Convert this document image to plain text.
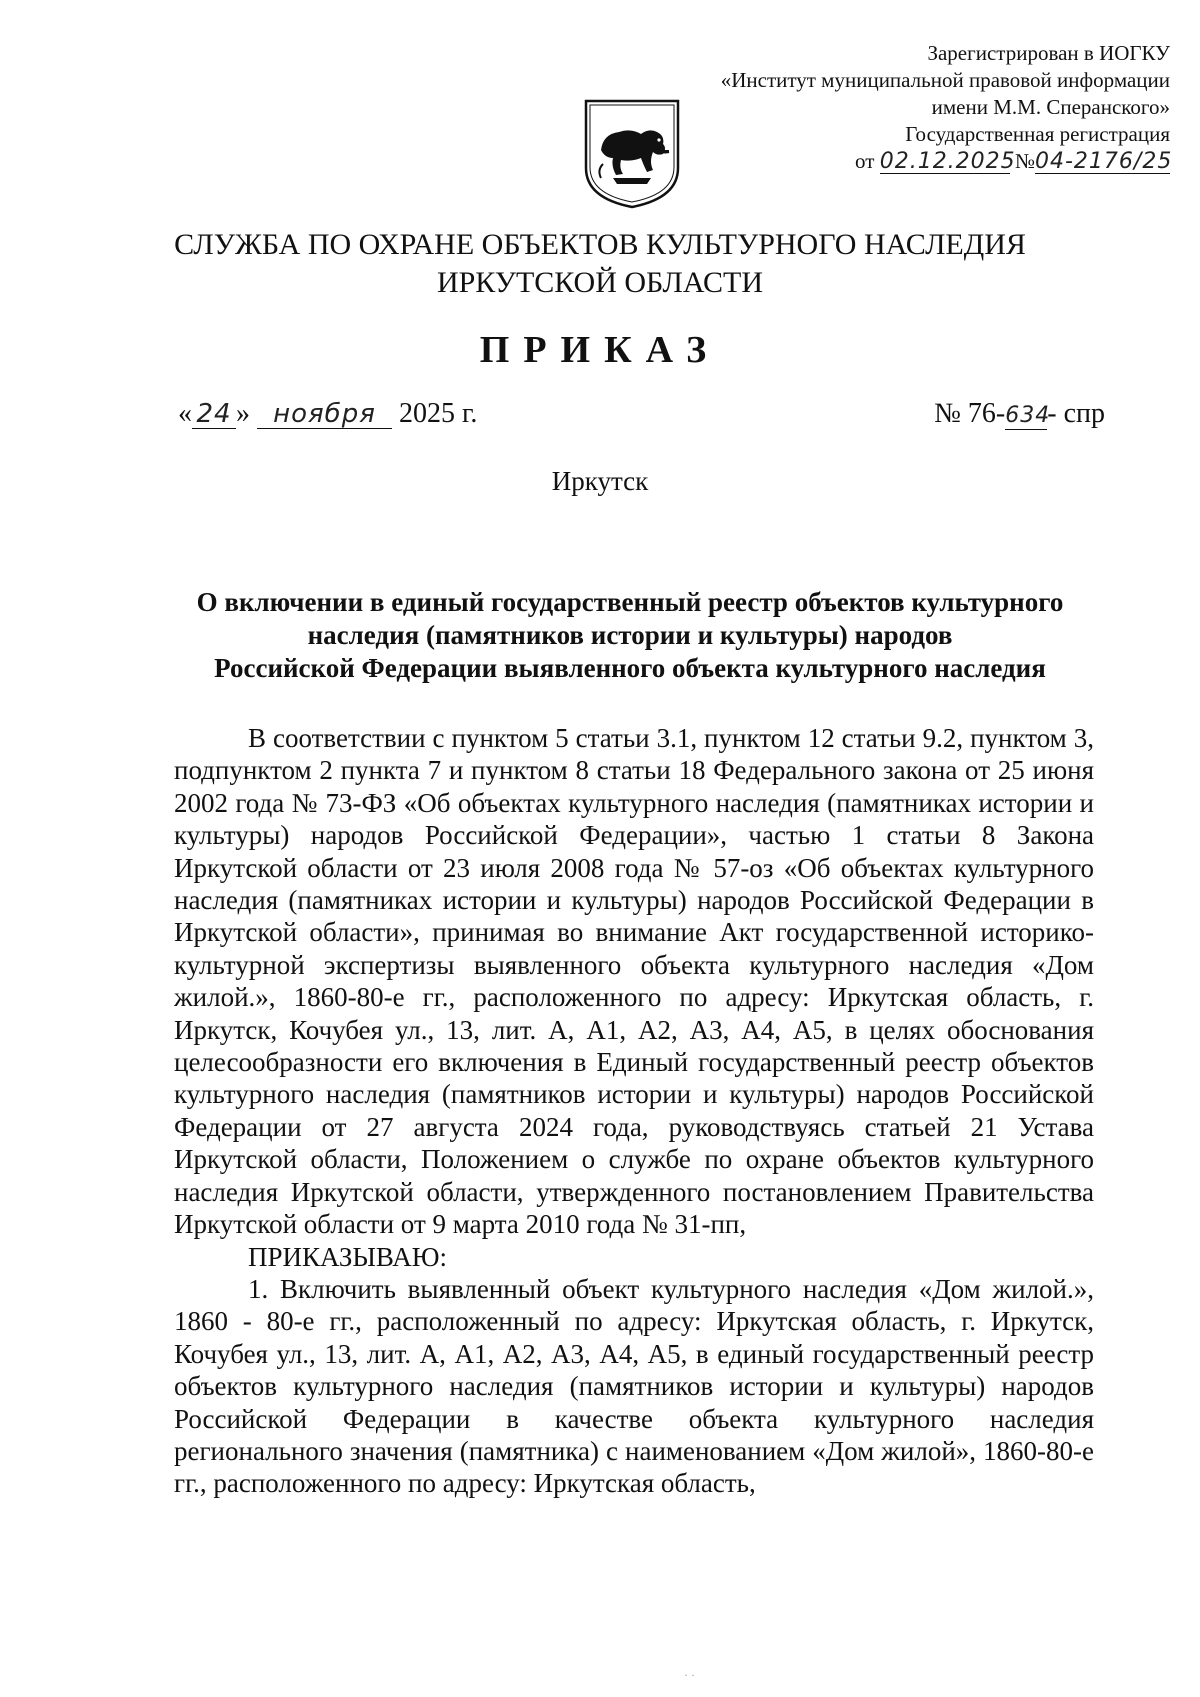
Зарегистрирован в ИОГКУ
«Институт муниципальной правовой информации
имени М.М. Сперанского»
Государственная регистрация
от 02.12.2025 №04-2176/25
СЛУЖБА ПО ОХРАНЕ ОБЪЕКТОВ КУЛЬТУРНОГО НАСЛЕДИЯ
ИРКУТСКОЙ ОБЛАСТИ
ПРИКАЗ
« 24 » ноября 2025 г.	№ 76-634- спр
Иркутск
О включении в единый государственный реестр объектов культурного
наследия (памятников истории и культуры) народов
Российской Федерации выявленного объекта культурного наследия

В соответствии с пунктом 5 статьи 3.1, пунктом 12 статьи 9.2, пунктом 3, подпунктом 2 пункта 7 и пунктом 8 статьи 18 Федерального закона от 25 июня 2002 года № 73-ФЗ «Об объектах культурного наследия (памятниках истории и культуры) народов Российской Федерации», частью 1 статьи 8 Закона Иркутской области от 23 июля 2008 года № 57-оз «Об объектах культурного наследия (памятниках истории и культуры) народов Российской Федерации в Иркутской области», принимая во внимание Акт государственной историко-культурной экспертизы выявленного объекта культурного наследия «Дом жилой.», 1860-80-е гг., расположенного по адресу: Иркутская область, г. Иркутск, Кочубея ул., 13, лит. А, А1, А2, А3, А4, А5, в целях обоснования целесообразности его включения в Единый государственный реестр объектов культурного наследия (памятников истории и культуры) народов Российской Федерации от 27 августа 2024 года, руководствуясь статьей 21 Устава Иркутской области, Положением о службе по охране объектов культурного наследия Иркутской области, утвержденного постановлением Правительства Иркутской области от 9 марта 2010 года № 31-пп,

ПРИКАЗЫВАЮ:

1. Включить выявленный объект культурного наследия «Дом жилой.», 1860 - 80-е гг., расположенный по адресу: Иркутская область, г. Иркутск, Кочубея ул., 13, лит. А, А1, А2, А3, А4, А5, в единый государственный реестр объектов культурного наследия (памятников истории и культуры) народов Российской Федерации в качестве объекта культурного наследия регионального значения (памятника) с наименованием «Дом жилой», 1860-80-е гг., расположенного по адресу: Иркутская область,

· ·
